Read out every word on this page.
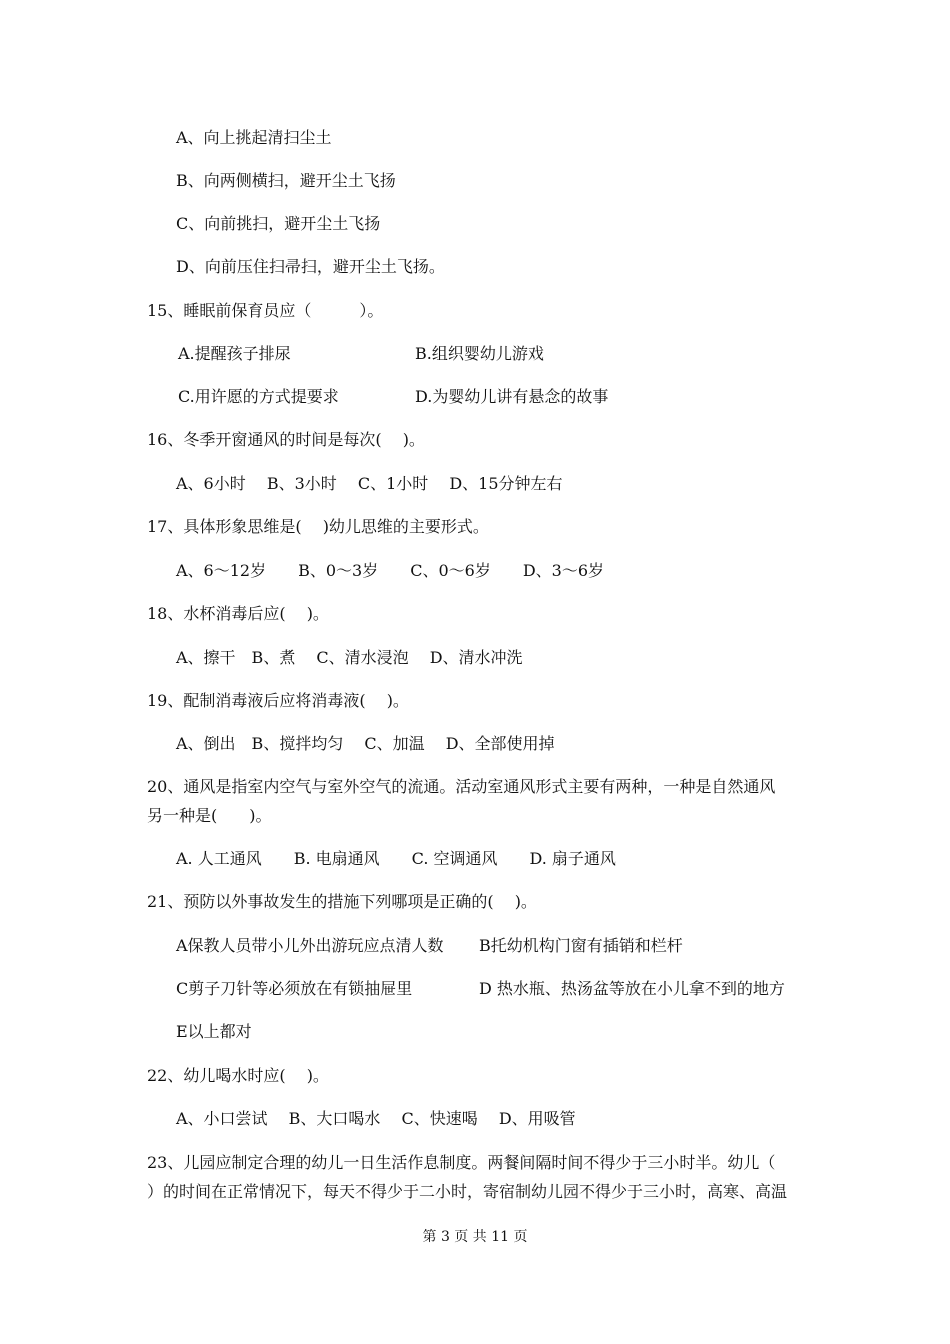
A、向上挑起清扫尘土
B、向两侧横扫，避开尘土飞扬
C、向前挑扫，避开尘土飞扬
D、向前压住扫帚扫，避开尘土飞扬。
15、睡眠前保育员应（　　　）。
A.提醒孩子排尿	B.组织婴幼儿游戏
C.用许愿的方式提要求	D.为婴幼儿讲有悬念的故事
16、冬季开窗通风的时间是每次(　 )。
A、6小时　 B、3小时　 C、1小时　 D、15分钟左右
17、具体形象思维是(　 )幼儿思维的主要形式。
A、6～12岁　　B、0～3岁　　C、0～6岁　　D、3～6岁
18、水杯消毒后应(　 )。
A、擦干　B、煮　 C、清水浸泡　 D、清水冲洗
19、配制消毒液后应将消毒液(　 )。
A、倒出　B、搅拌均匀　 C、加温　 D、全部使用掉
20、通风是指室内空气与室外空气的流通。活动室通风形式主要有两种，一种是自然通风
另一种是(　　)。
A. 人工通风　　B. 电扇通风　　C. 空调通风　　D. 扇子通风
21、预防以外事故发生的措施下列哪项是正确的(　 )。
A保教人员带小儿外出游玩应点清人数 B托幼机构门窗有插销和栏杆
C剪子刀针等必须放在有锁抽屉里	D 热水瓶、热汤盆等放在小儿拿不到的地方
E以上都对
22、幼儿喝水时应(　 )。
A、小口尝试　 B、大口喝水　 C、快速喝　 D、用吸管
23、儿园应制定合理的幼儿一日生活作息制度。两餐间隔时间不得少于三小时半。幼儿（
）的时间在正常情况下，每天不得少于二小时，寄宿制幼儿园不得少于三小时，高寒、高温
第 3 页 共 11 页
